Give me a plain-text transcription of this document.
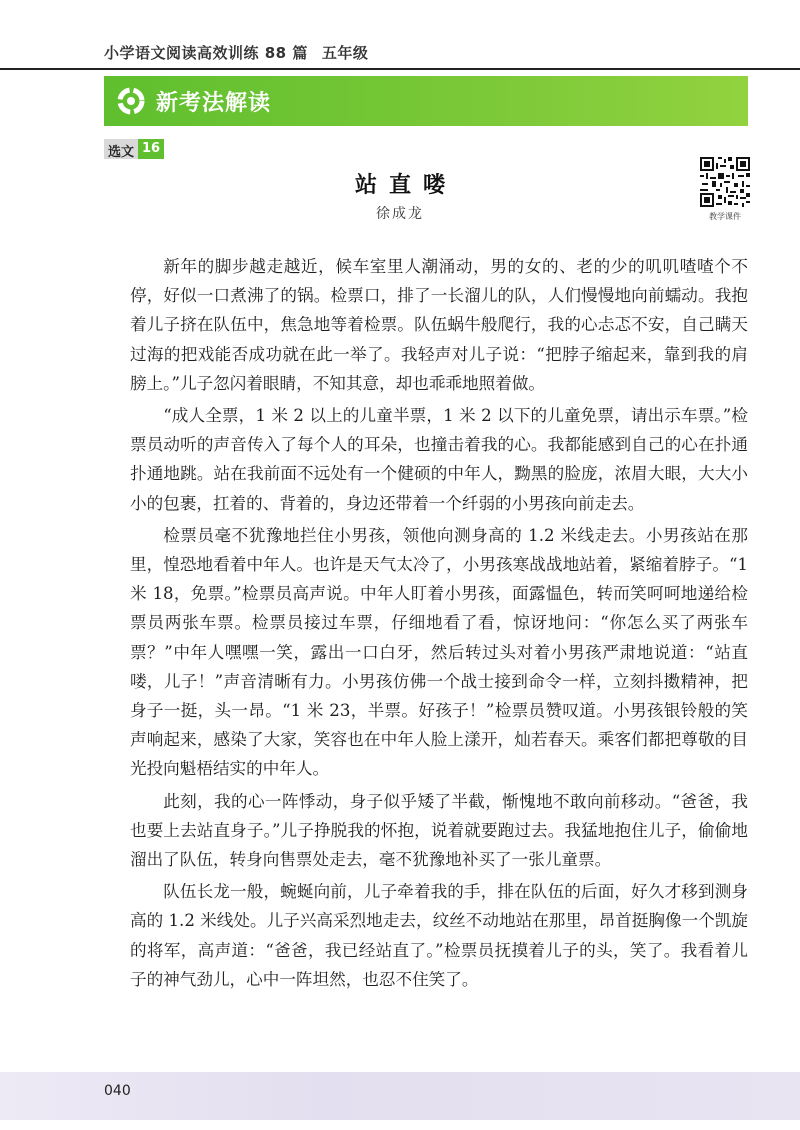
小学语文阅读高效训练 88 篇 五年级
新考法解读
选文 16
站直喽
徐成龙	教学课件

新年的脚步越走越近，候车室里人潮涌动，男的女的、老的少的叽叽喳喳个不停，好似一口煮沸了的锅。检票口，排了一长溜儿的队，人们慢慢地向前蠕动。我抱着儿子挤在队伍中，焦急地等着检票。队伍蜗牛般爬行，我的心忐忑不安，自己瞒天过海的把戏能否成功就在此一举了。我轻声对儿子说：“把脖子缩起来，靠到我的肩膀上。”儿子忽闪着眼睛，不知其意，却也乖乖地照着做。

“成人全票，1 米 2 以上的儿童半票，1 米 2 以下的儿童免票，请出示车票。”检票员动听的声音传入了每个人的耳朵，也撞击着我的心。我都能感到自己的心在扑通扑通地跳。站在我前面不远处有一个健硕的中年人，黝黑的脸庞，浓眉大眼，大大小小的包裹，扛着的、背着的，身边还带着一个纤弱的小男孩向前走去。

检票员毫不犹豫地拦住小男孩，领他向测身高的 1.2 米线走去。小男孩站在那里，惶恐地看着中年人。也许是天气太冷了，小男孩寒战战地站着，紧缩着脖子。“1 米 18，免票。”检票员高声说。中年人盯着小男孩，面露愠色，转而笑呵呵地递给检票员两张车票。检票员接过车票，仔细地看了看，惊讶地问：“你怎么买了两张车票？”中年人嘿嘿一笑，露出一口白牙，然后转过头对着小男孩严肃地说道：“站直喽，儿子！”声音清晰有力。小男孩仿佛一个战士接到命令一样，立刻抖擞精神，把身子一挺，头一昂。“1 米 23，半票。好孩子！”检票员赞叹道。小男孩银铃般的笑声响起来，感染了大家，笑容也在中年人脸上漾开，灿若春天。乘客们都把尊敬的目光投向魁梧结实的中年人。

此刻，我的心一阵悸动，身子似乎矮了半截，惭愧地不敢向前移动。“爸爸，我也要上去站直身子。”儿子挣脱我的怀抱，说着就要跑过去。我猛地抱住儿子，偷偷地溜出了队伍，转身向售票处走去，毫不犹豫地补买了一张儿童票。

队伍长龙一般，蜿蜒向前，儿子牵着我的手，排在队伍的后面，好久才移到测身高的 1.2 米线处。儿子兴高采烈地走去，纹丝不动地站在那里，昂首挺胸像一个凯旋的将军，高声道：“爸爸，我已经站直了。”检票员抚摸着儿子的头，笑了。我看着儿子的神气劲儿，心中一阵坦然，也忍不住笑了。

040
